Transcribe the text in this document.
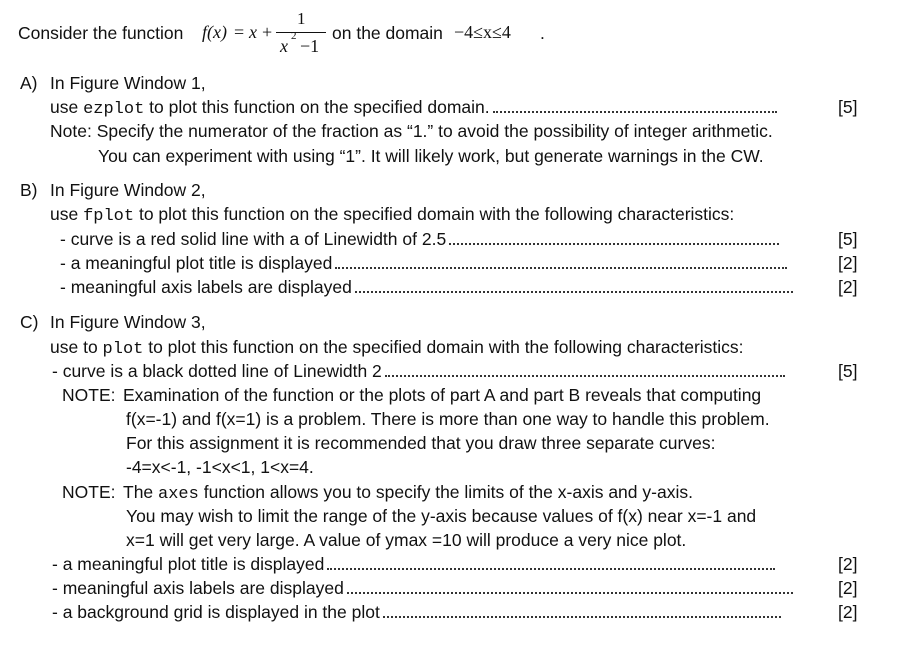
Consider the function f(x) = x +
1
x 2 −1
on the domain −4≤x≤4 .
A) In Figure Window 1,
use ezplot to plot this function on the specified domain.	[5]
Note: Specify the numerator of the fraction as “1.” to avoid the possibility of integer arithmetic.
You can experiment with using “1”. It will likely work, but generate warnings in the CW.
B) In Figure Window 2,
use fplot to plot this function on the specified domain with the following characteristics:
- curve is a red solid line with a of Linewidth of 2.5	[5]
- a meaningful plot title is displayed	[2]
- meaningful axis labels are displayed	[2]
C) In Figure Window 3,
use to plot to plot this function on the specified domain with the following characteristics:
- curve is a black dotted line of Linewidth 2	[5]
NOTE: Examination of the function or the plots of part A and part B reveals that computing
f(x=-1) and f(x=1) is a problem. There is more than one way to handle this problem.
For this assignment it is recommended that you draw three separate curves:
-4=x<-1, -1<x<1, 1<x=4.
NOTE: The axes function allows you to specify the limits of the x-axis and y-axis.
You may wish to limit the range of the y-axis because values of f(x) near x=-1 and
x=1 will get very large. A value of ymax =10 will produce a very nice plot.
- a meaningful plot title is displayed	[2]
- meaningful axis labels are displayed	[2]
- a background grid is displayed in the plot	[2]
